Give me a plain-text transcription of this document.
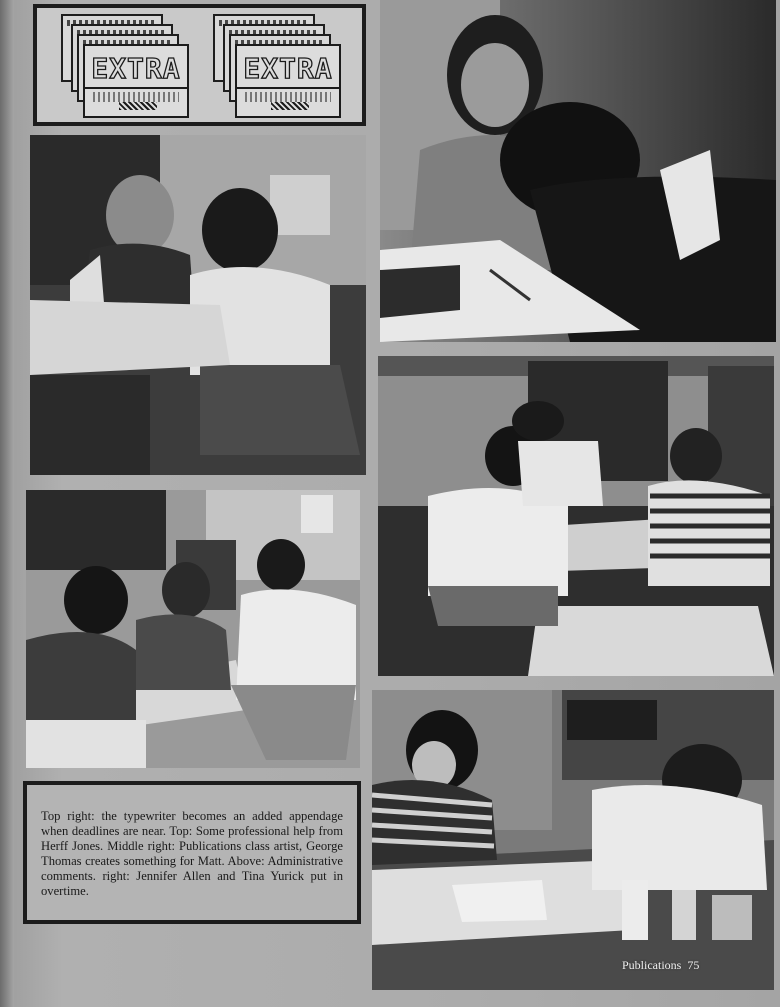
EXTRA EXTRA

Top right: the typewriter becomes an added appendage when deadlines are near. Top: Some professional help from Herff Jones. Middle right: Publications class artist, George Thomas creates something for Matt. Above: Administrative comments. right: Jennifer Allen and Tina Yurick put in overtime.

Publications 75
